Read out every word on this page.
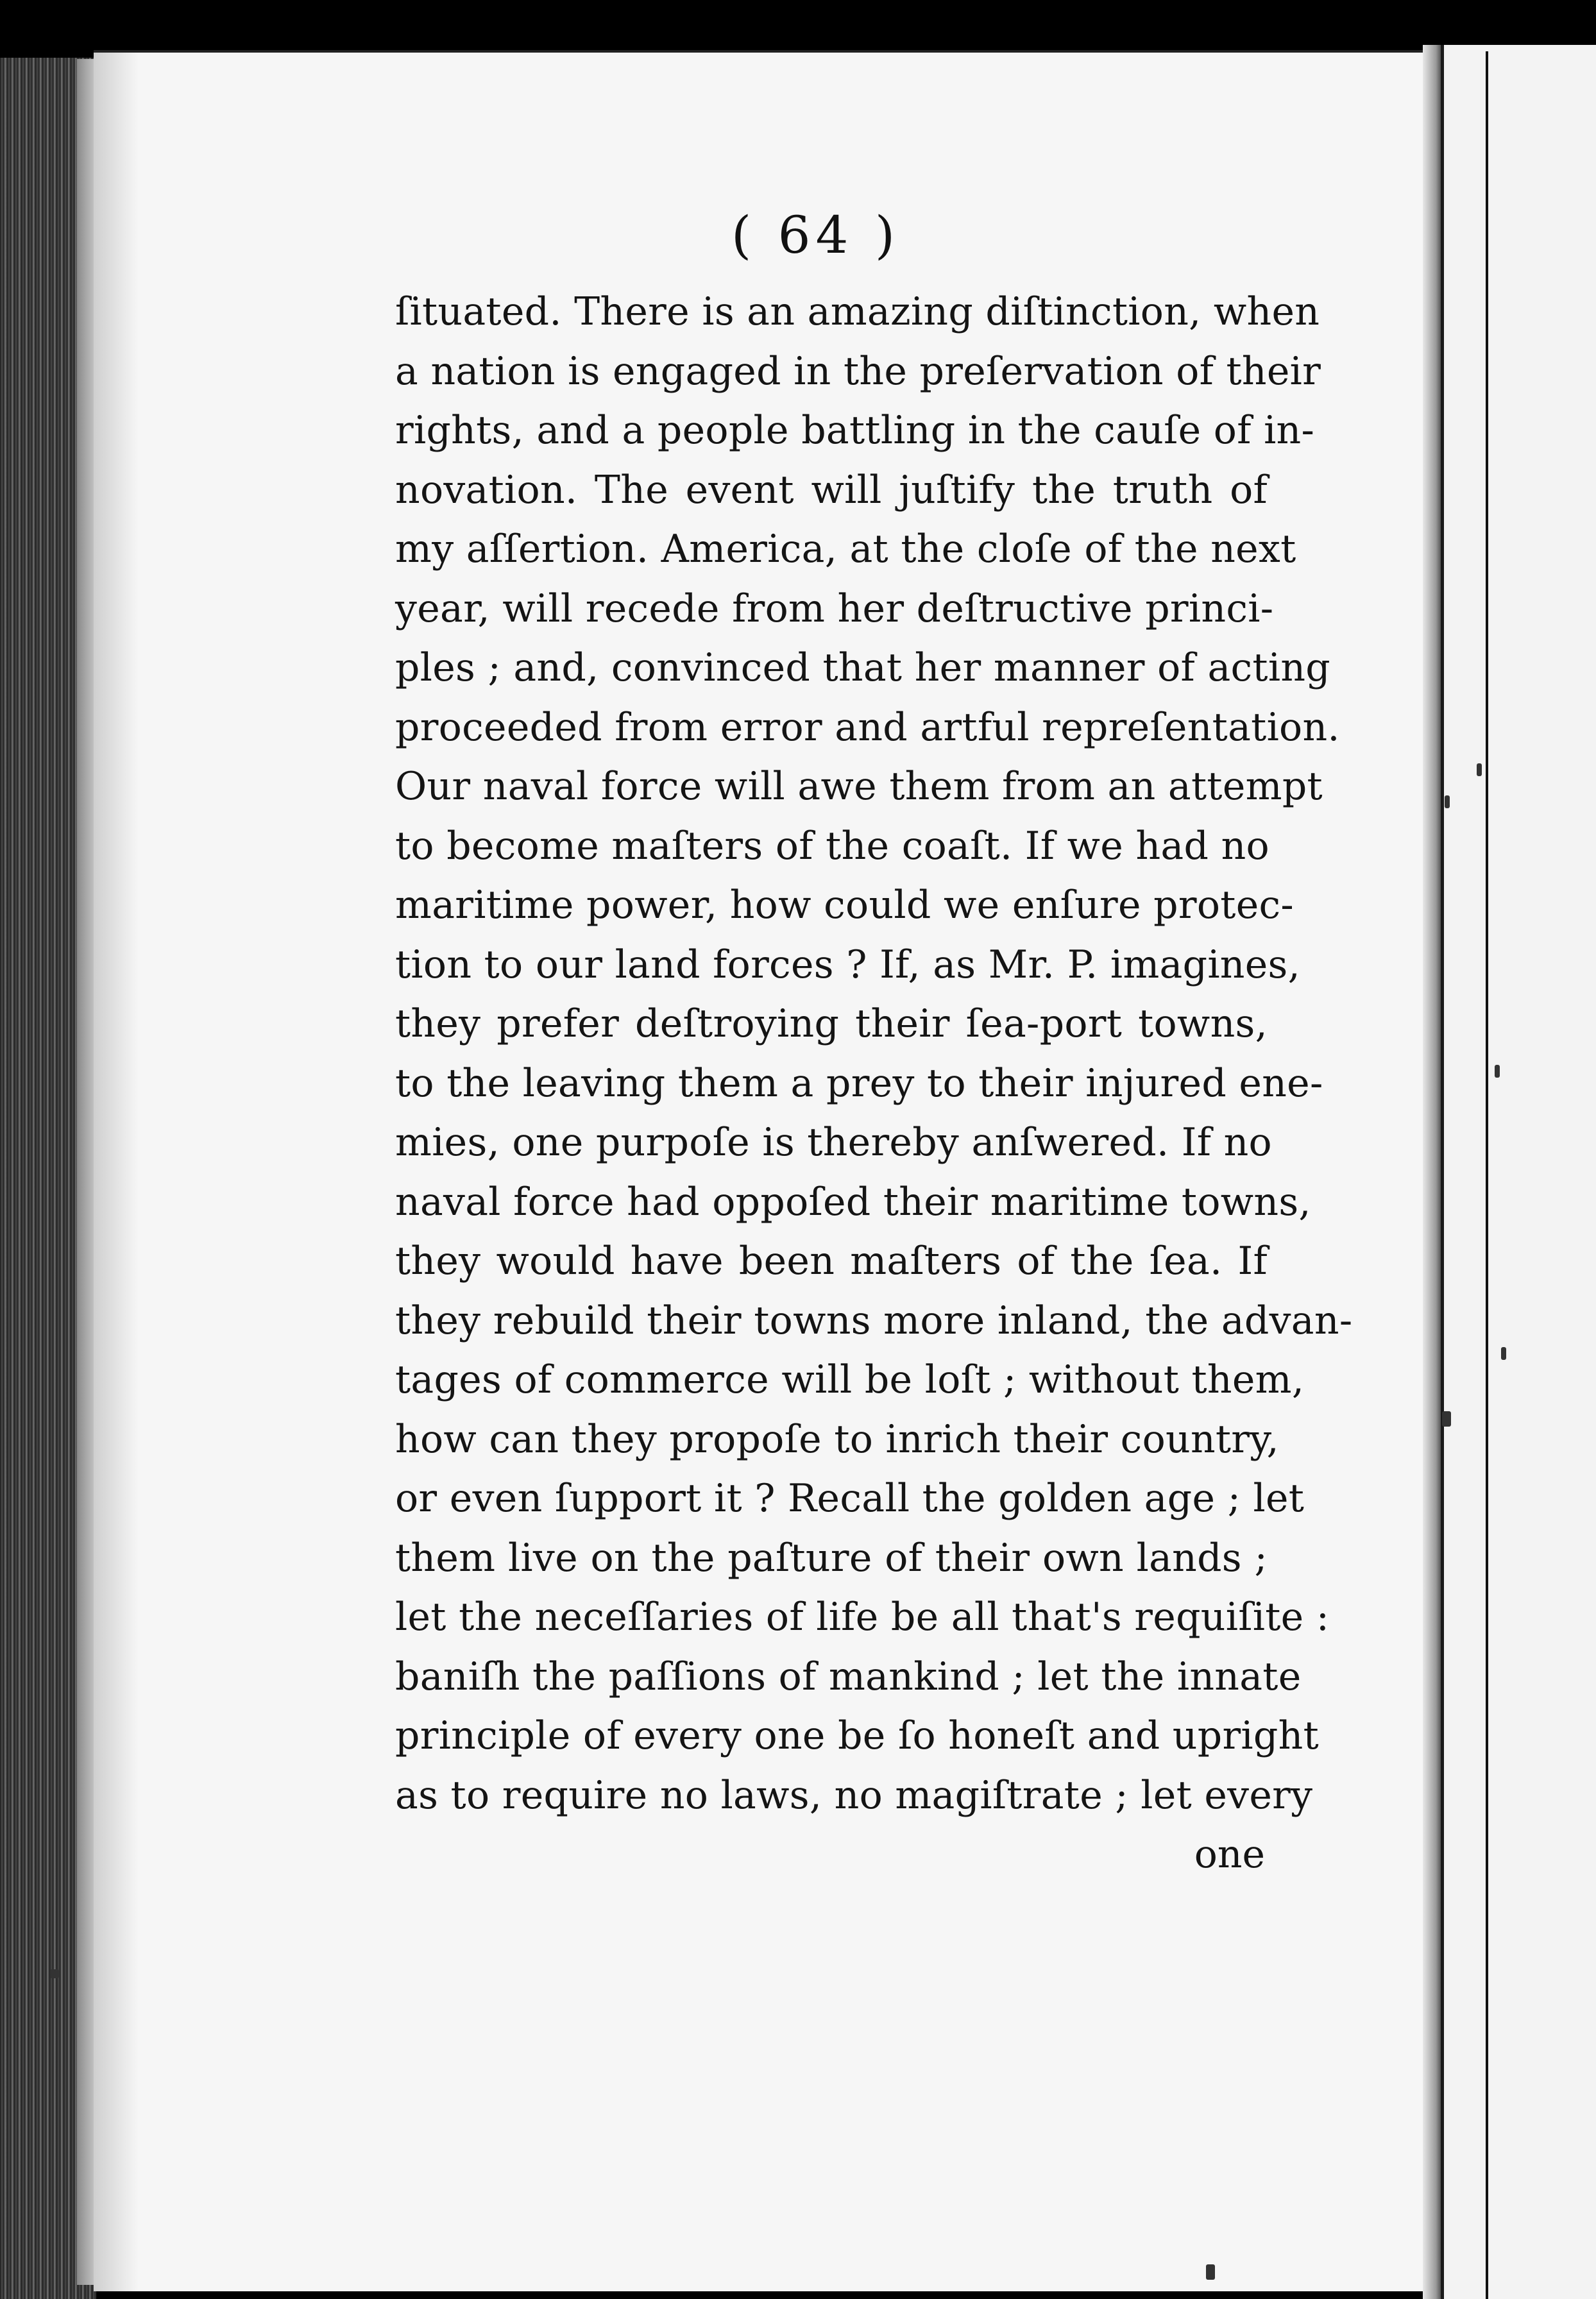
( 64 )
ſituated. There is an amazing diſtinction, when
a nation is engaged in the preſervation of their
rights, and a people battling in the cauſe of in-
novation. The event will juſtify the truth of
my aſſertion. America, at the cloſe of the next
year, will recede from her deſtructive princi-
ples ; and, convinced that her manner of acting
proceeded from error and artful repreſentation.
Our naval force will awe them from an attempt
to become maſters of the coaſt. If we had no
maritime power, how could we enſure protec-
tion to our land forces ? If, as Mr. P. imagines,
they prefer deſtroying their ſea-port towns,
to the leaving them a prey to their injured ene-
mies, one purpoſe is thereby anſwered. If no
naval force had oppoſed their maritime towns,
they would have been maſters of the ſea. If
they rebuild their towns more inland, the advan-
tages of commerce will be loſt ; without them,
how can they propoſe to inrich their country,
or even ſupport it ? Recall the golden age ; let
them live on the paſture of their own lands ;
let the neceſſaries of life be all that's requiſite :
baniſh the paſſions of mankind ; let the innate
principle of every one be ſo honeſt and upright
as to require no laws, no magiſtrate ; let every
one
